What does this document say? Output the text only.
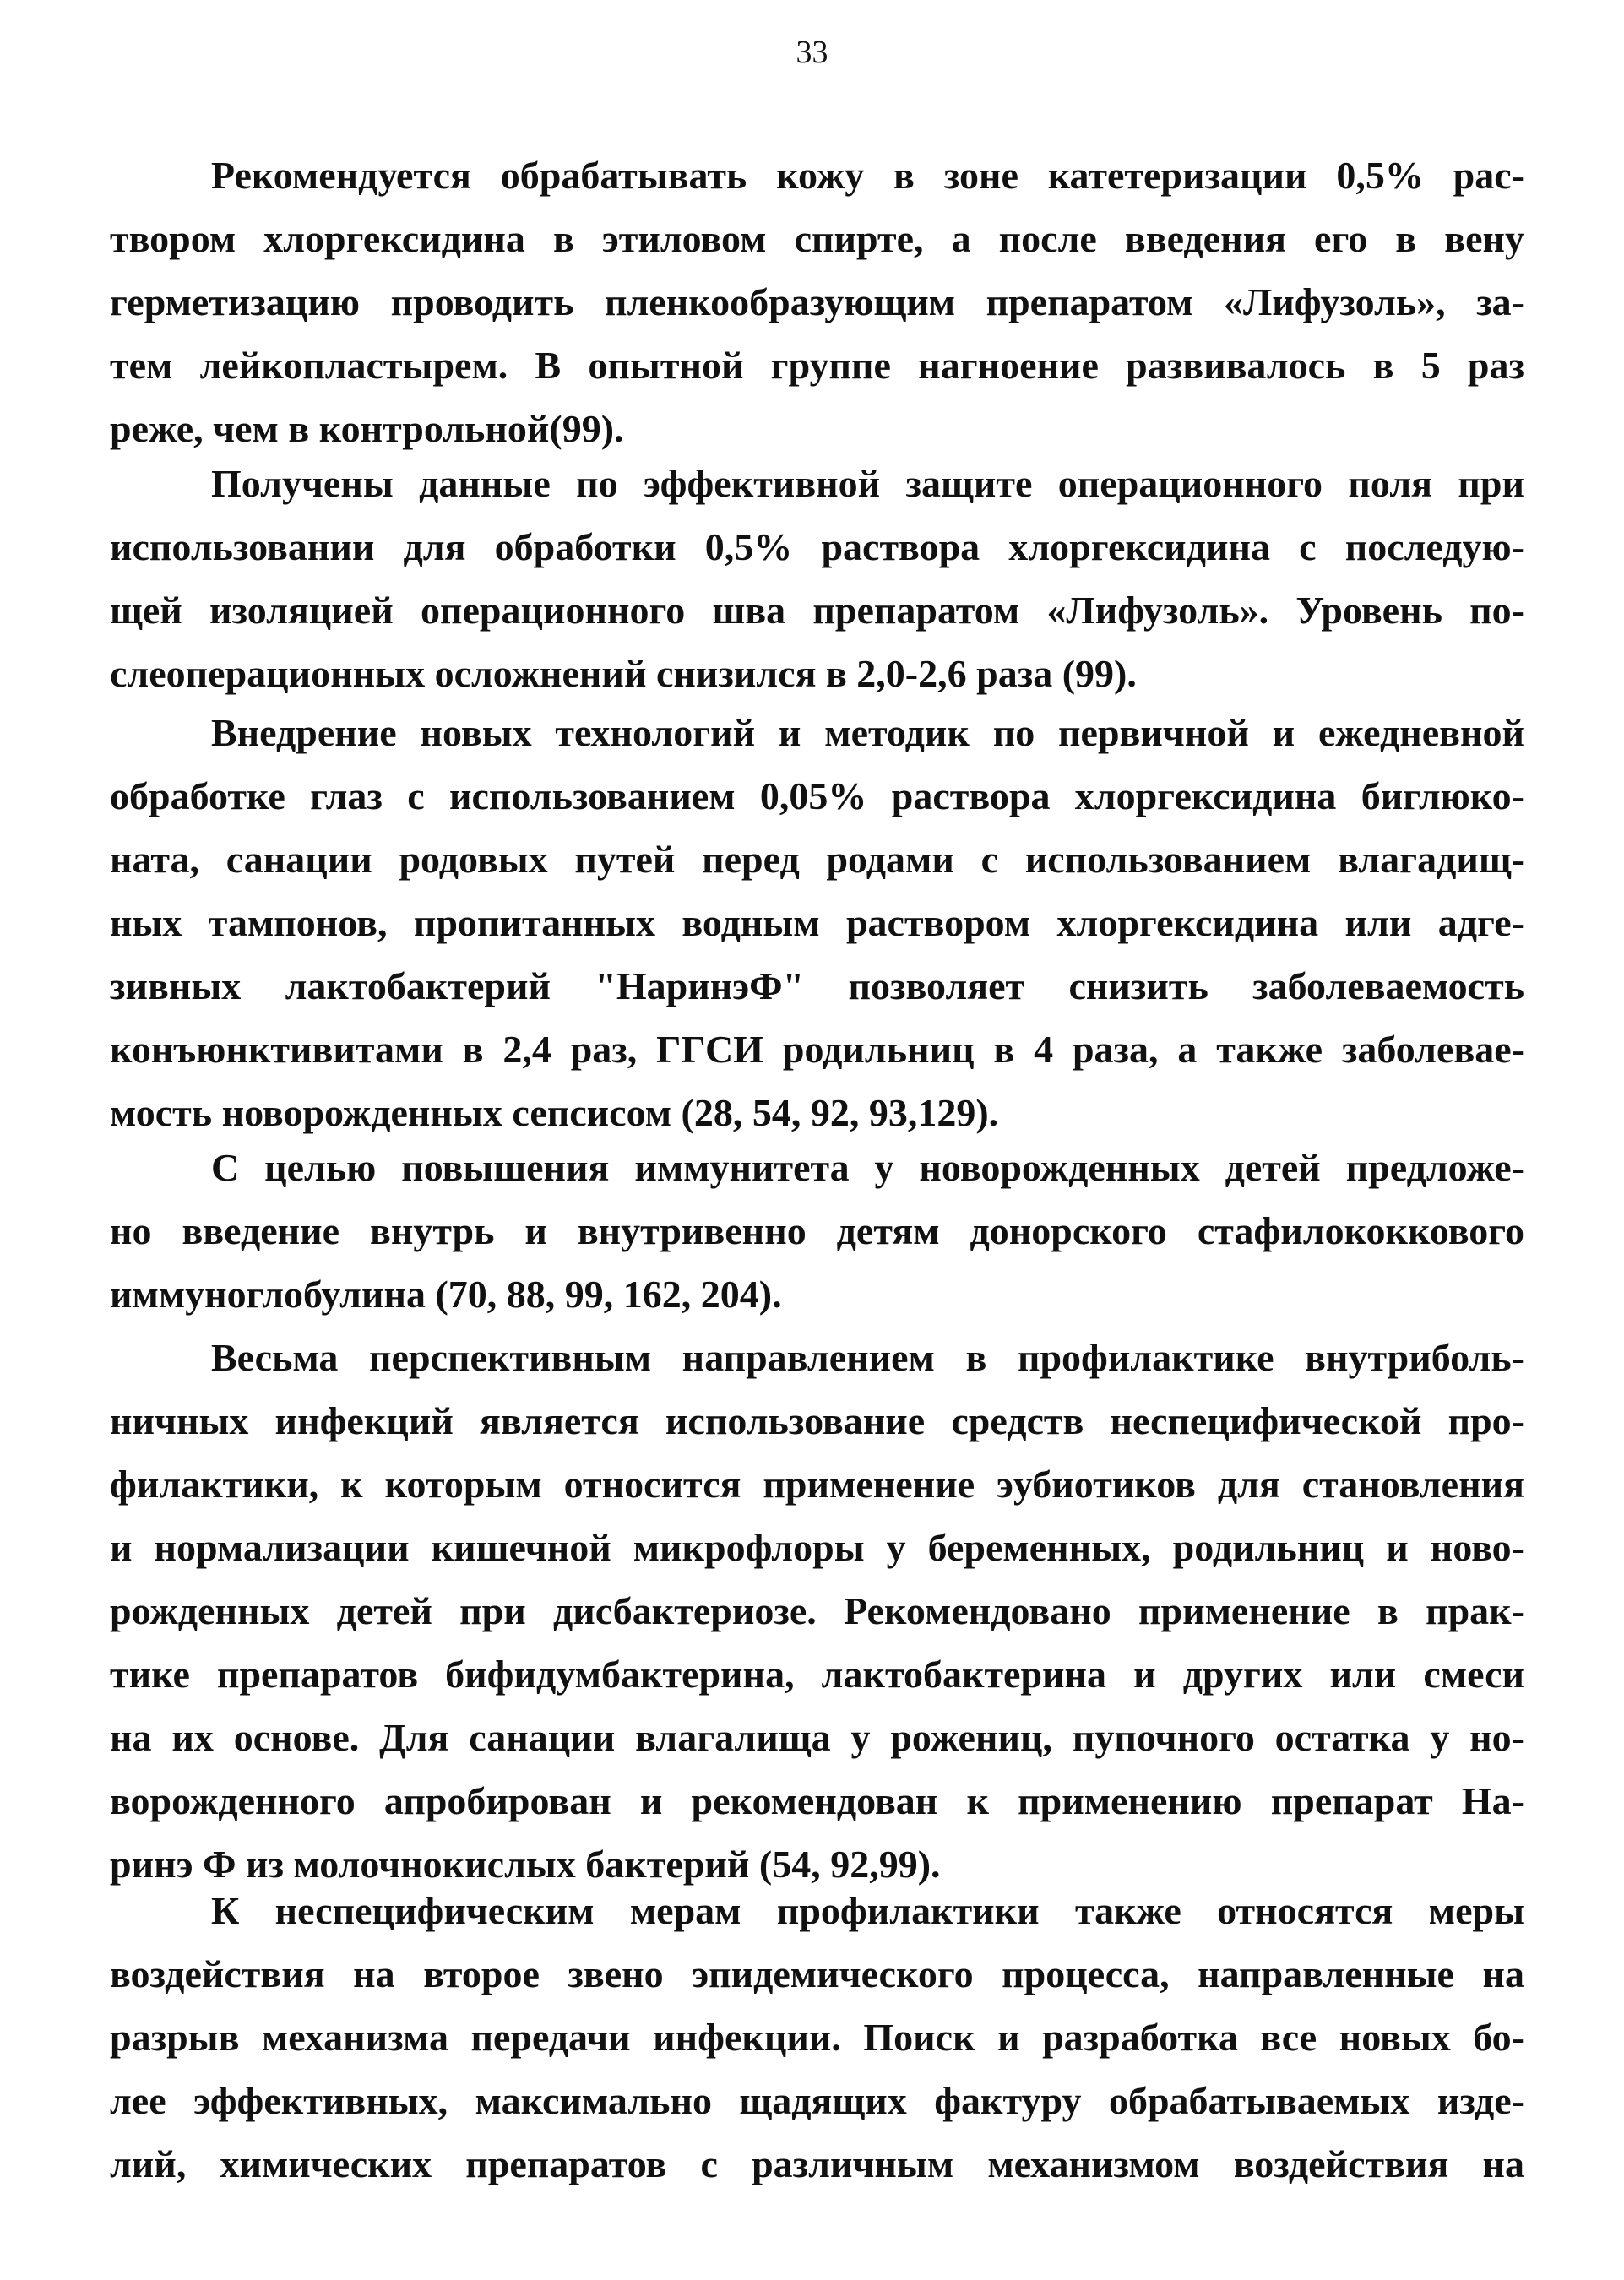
33
Рекомендуется обрабатывать кожу в зоне катетеризации 0,5% рас-
твором хлоргексидина в этиловом спирте, а после введения его в вену
герметизацию проводить пленкообразующим препаратом «Лифузоль», за-
тем лейкопластырем. В опытной группе нагноение развивалось в 5 раз
реже, чем в контрольной(99).
Получены данные по эффективной защите операционного поля при
использовании для обработки 0,5% раствора хлоргексидина с последую-
щей изоляцией операционного шва препаратом «Лифузоль». Уровень по-
слеоперационных осложнений снизился в 2,0-2,6 раза (99).
Внедрение новых технологий и методик по первичной и ежедневной
обработке глаз с использованием 0,05% раствора хлоргексидина биглюко-
ната, санации родовых путей перед родами с использованием влагадищ-
ных тампонов, пропитанных водным раствором хлоргексидина или адге-
зивных лактобактерий "НаринэФ" позволяет снизить заболеваемость
конъюнктивитами в 2,4 раз, ГГСИ родильниц в 4 раза, а также заболевае-
мость новорожденных сепсисом (28, 54, 92, 93,129).
С целью повышения иммунитета у новорожденных детей предложе-
но введение внутрь и внутривенно детям донорского стафилококкового
иммуноглобулина (70, 88, 99, 162, 204).
Весьма перспективным направлением в профилактике внутриболь-
ничных инфекций является использование средств неспецифической про-
филактики, к которым относится применение эубиотиков для становления
и нормализации кишечной микрофлоры у беременных, родильниц и ново-
рожденных детей при дисбактериозе. Рекомендовано применение в прак-
тике препаратов бифидумбактерина, лактобактерина и других или смеси
на их основе. Для санации влагалища у рожениц, пупочного остатка у но-
ворожденного апробирован и рекомендован к применению препарат На-
ринэ Ф из молочнокислых бактерий (54, 92,99).
К неспецифическим мерам профилактики также относятся меры
воздействия на второе звено эпидемического процесса, направленные на
разрыв механизма передачи инфекции. Поиск и разработка все новых бо-
лее эффективных, максимально щадящих фактуру обрабатываемых изде-
лий, химических препаратов с различным механизмом воздействия на
